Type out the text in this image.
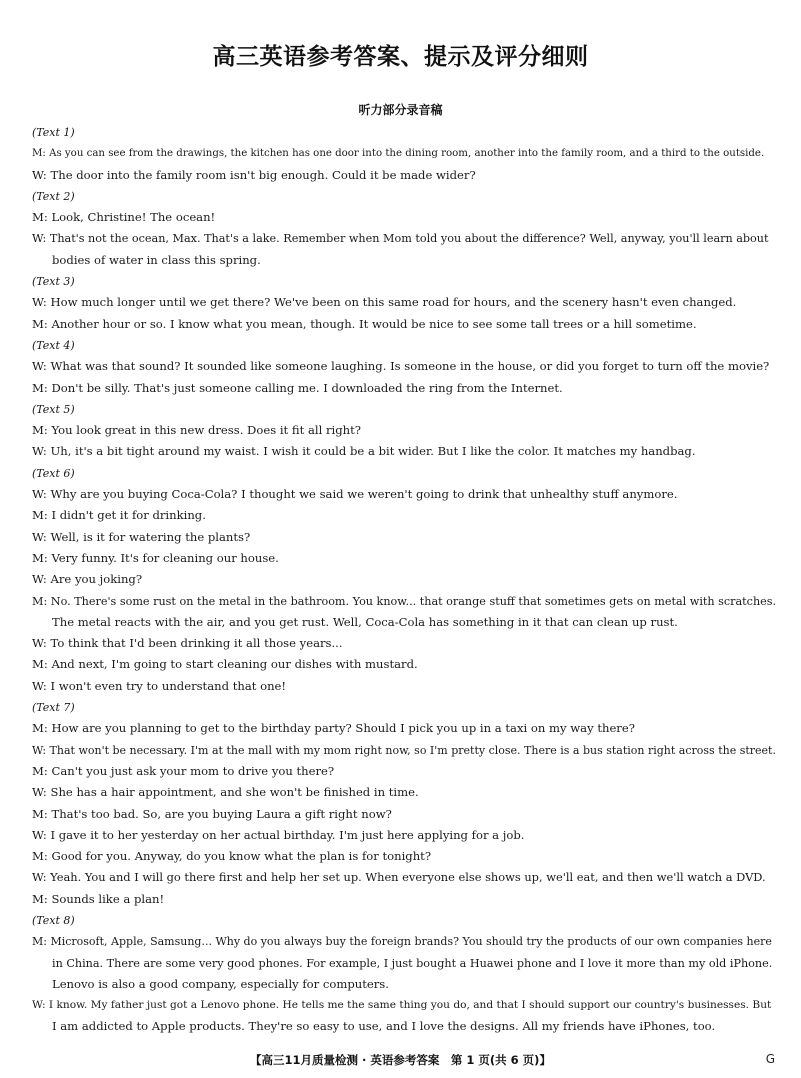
高三英语参考答案、提示及评分细则
听力部分录音稿
(Text 1)
M: As you can see from the drawings, the kitchen has one door into the dining room, another into the family room, and a third to the outside.
W: The door into the family room isn't big enough. Could it be made wider?
(Text 2)
M: Look, Christine! The ocean!
W: That's not the ocean, Max. That's a lake. Remember when Mom told you about the difference? Well, anyway, you'll learn about
bodies of water in class this spring.
(Text 3)
W: How much longer until we get there? We've been on this same road for hours, and the scenery hasn't even changed.
M: Another hour or so. I know what you mean, though. It would be nice to see some tall trees or a hill sometime.
(Text 4)
W: What was that sound? It sounded like someone laughing. Is someone in the house, or did you forget to turn off the movie?
M: Don't be silly. That's just someone calling me. I downloaded the ring from the Internet.
(Text 5)
M: You look great in this new dress. Does it fit all right?
W: Uh, it's a bit tight around my waist. I wish it could be a bit wider. But I like the color. It matches my handbag.
(Text 6)
W: Why are you buying Coca-Cola? I thought we said we weren't going to drink that unhealthy stuff anymore.
M: I didn't get it for drinking.
W: Well, is it for watering the plants?
M: Very funny. It's for cleaning our house.
W: Are you joking?
M: No. There's some rust on the metal in the bathroom. You know... that orange stuff that sometimes gets on metal with scratches.
The metal reacts with the air, and you get rust. Well, Coca-Cola has something in it that can clean up rust.
W: To think that I'd been drinking it all those years...
M: And next, I'm going to start cleaning our dishes with mustard.
W: I won't even try to understand that one!
(Text 7)
M: How are you planning to get to the birthday party? Should I pick you up in a taxi on my way there?
W: That won't be necessary. I'm at the mall with my mom right now, so I'm pretty close. There is a bus station right across the street.
M: Can't you just ask your mom to drive you there?
W: She has a hair appointment, and she won't be finished in time.
M: That's too bad. So, are you buying Laura a gift right now?
W: I gave it to her yesterday on her actual birthday. I'm just here applying for a job.
M: Good for you. Anyway, do you know what the plan is for tonight?
W: Yeah. You and I will go there first and help her set up. When everyone else shows up, we'll eat, and then we'll watch a DVD.
M: Sounds like a plan!
(Text 8)
M: Microsoft, Apple, Samsung... Why do you always buy the foreign brands? You should try the products of our own companies here
in China. There are some very good phones. For example, I just bought a Huawei phone and I love it more than my old iPhone.
Lenovo is also a good company, especially for computers.
W: I know. My father just got a Lenovo phone. He tells me the same thing you do, and that I should support our country's businesses. But
I am addicted to Apple products. They're so easy to use, and I love the designs. All my friends have iPhones, too.
【高三11月质量检测 · 英语参考答案　第 1 页(共 6 页)】	G
